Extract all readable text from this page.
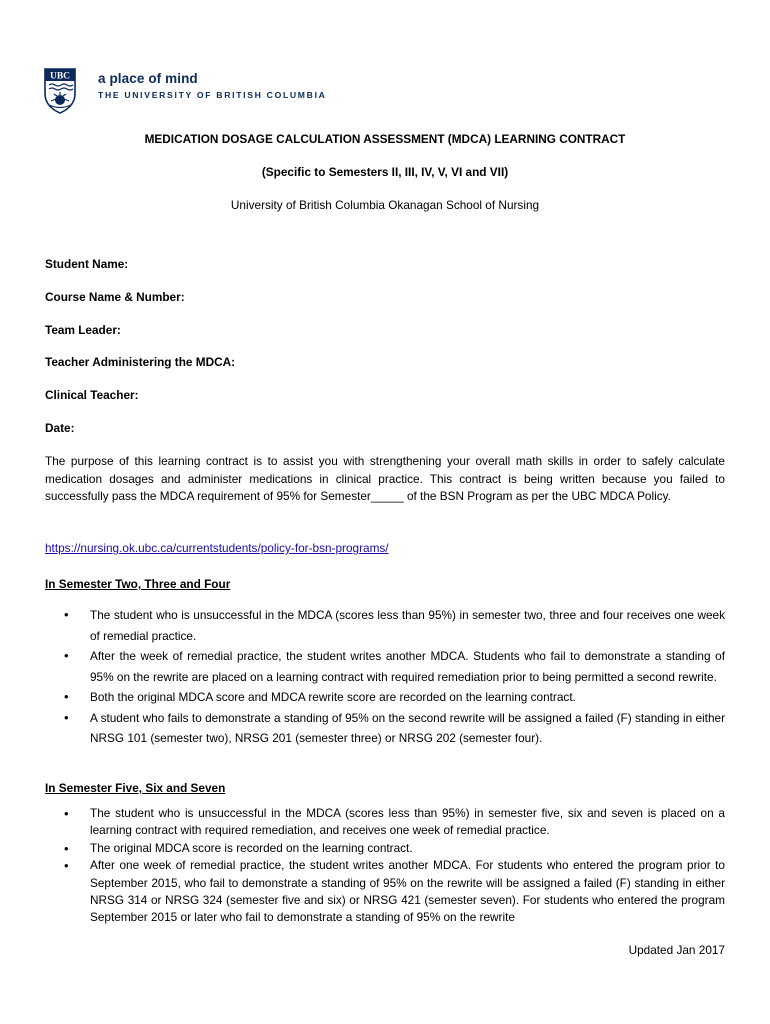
UBC a place of mind
THE UNIVERSITY OF BRITISH COLUMBIA
MEDICATION DOSAGE CALCULATION ASSESSMENT (MDCA) LEARNING CONTRACT
(Specific to Semesters II, III, IV, V, VI and VII)
University of British Columbia Okanagan School of Nursing
Student Name:
Course Name & Number:
Team Leader:
Teacher Administering the MDCA:
Clinical Teacher:
Date:
The purpose of this learning contract is to assist you with strengthening your overall math skills in order to safely calculate medication dosages and administer medications in clinical practice. This contract is being written because you failed to successfully pass the MDCA requirement of 95% for Semester_____ of the BSN Program as per the UBC MDCA Policy.
https://nursing.ok.ubc.ca/currentstudents/policy-for-bsn-programs/
In Semester Two, Three and Four
• The student who is unsuccessful in the MDCA (scores less than 95%) in semester two, three and four receives one week of remedial practice.
• After the week of remedial practice, the student writes another MDCA. Students who fail to demonstrate a standing of 95% on the rewrite are placed on a learning contract with required remediation prior to being permitted a second rewrite.
• Both the original MDCA score and MDCA rewrite score are recorded on the learning contract.
• A student who fails to demonstrate a standing of 95% on the second rewrite will be assigned a failed (F) standing in either NRSG 101 (semester two), NRSG 201 (semester three) or NRSG 202 (semester four).
In Semester Five, Six and Seven
• The student who is unsuccessful in the MDCA (scores less than 95%) in semester five, six and seven is placed on a learning contract with required remediation, and receives one week of remedial practice.
• The original MDCA score is recorded on the learning contract.
• After one week of remedial practice, the student writes another MDCA. For students who entered the program prior to September 2015, who fail to demonstrate a standing of 95% on the rewrite will be assigned a failed (F) standing in either NRSG 314 or NRSG 324 (semester five and six) or NRSG 421 (semester seven). For students who entered the program September 2015 or later who fail to demonstrate a standing of 95% on the rewrite
Updated Jan 2017
